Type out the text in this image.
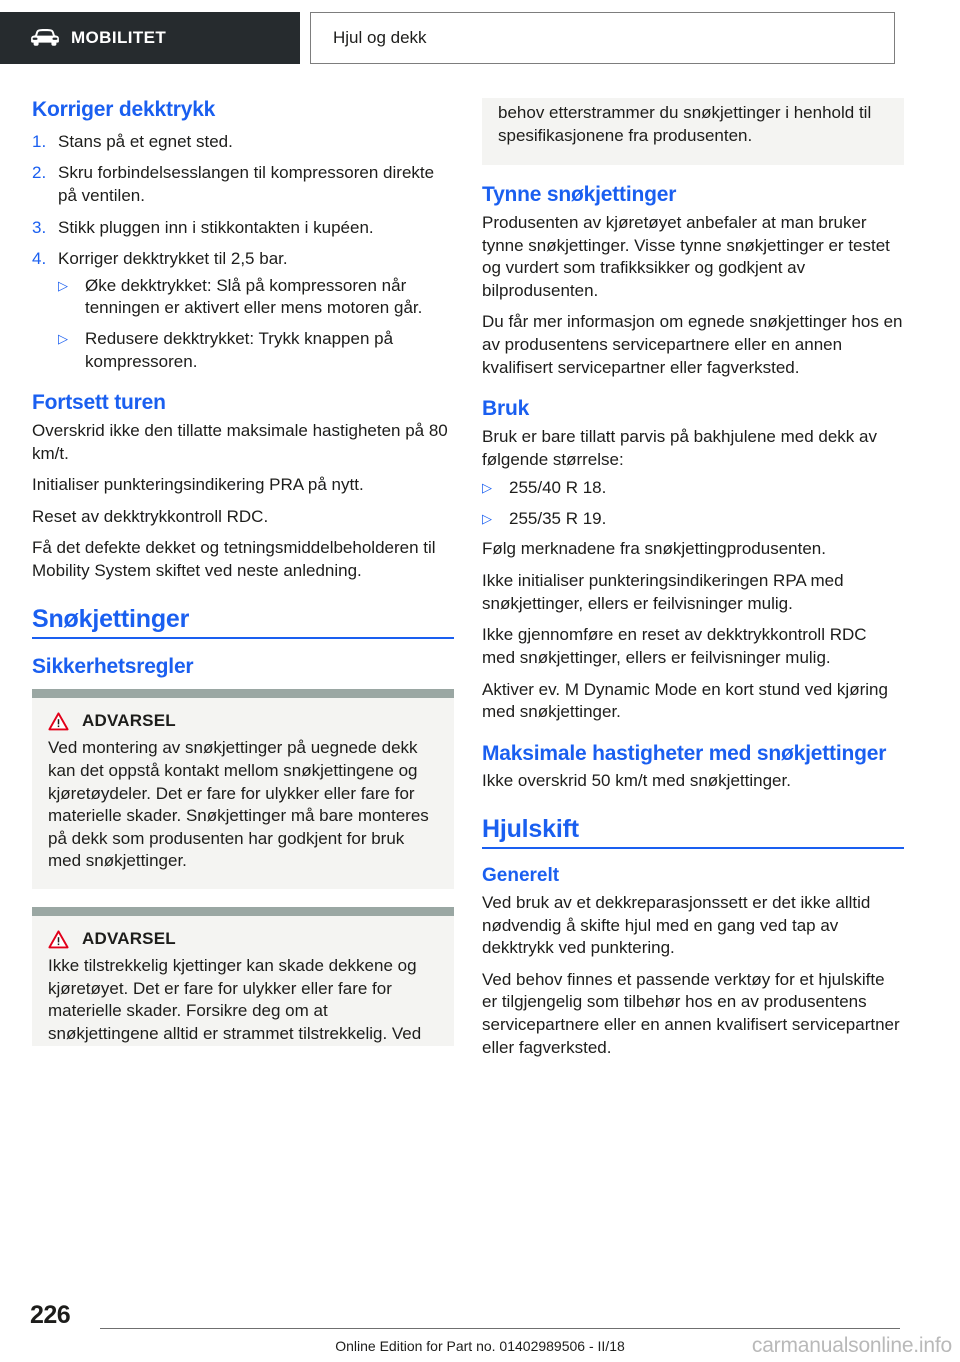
MOBILITET	Hjul og dekk
Korriger dekktrykk
1. Stans på et egnet sted.
2. Skru forbindelsesslangen til kompressoren direkte på ventilen.
3. Stikk pluggen inn i stikkontakten i kupéen.
4. Korriger dekktrykket til 2,5 bar.
▷	Øke dekktrykket: Slå på kompressoren når tenningen er aktivert eller mens motoren går.
▷	Redusere dekktrykket: Trykk knappen på kompressoren.
Fortsett turen

Overskrid ikke den tillatte maksimale hastigheten på 80 km/t.

Initialiser punkteringsindikering PRA på nytt.

Reset av dekktrykkontroll RDC.

Få det defekte dekket og tetningsmiddelbeholderen til Mobility System skiftet ved neste anledning.

Snøkjettinger
Sikkerhetsregler
ADVARSEL
Ved montering av snøkjettinger på uegnede dekk kan det oppstå kontakt mellom snøkjettingene og kjøretøydeler. Det er fare for ulykker eller fare for materielle skader. Snøkjettinger må bare monteres på dekk som produsenten har godkjent for bruk med snøkjettinger.
ADVARSEL
Ikke tilstrekkelig kjettinger kan skade dekkene og kjøretøyet. Det er fare for ulykker eller fare for materielle skader. Forsikre deg om at snøkjettingene alltid er strammet tilstrekkelig. Ved
behov etterstrammer du snøkjettinger i henhold til spesifikasjonene fra produsenten.
Tynne snøkjettinger

Produsenten av kjøretøyet anbefaler at man bruker tynne snøkjettinger. Visse tynne snøkjettinger er testet og vurdert som trafikksikker og godkjent av bilprodusenten.

Du får mer informasjon om egnede snøkjettinger hos en av produsentens servicepartnere eller en annen kvalifisert servicepartner eller fagverksted.

Bruk

Bruk er bare tillatt parvis på bakhjulene med dekk av følgende størrelse:

▷	255/40 R 18.
▷	255/35 R 19.

Følg merknadene fra snøkjettingprodusenten.

Ikke initialiser punkteringsindikeringen RPA med snøkjettinger, ellers er feilvisninger mulig.

Ikke gjennomføre en reset av dekktrykkontroll RDC med snøkjettinger, ellers er feilvisninger mulig.

Aktiver ev. M Dynamic Mode en kort stund ved kjøring med snøkjettinger.

Maksimale hastigheter med snøkjettinger

Ikke overskrid 50 km/t med snøkjettinger.

Hjulskift
Generelt

Ved bruk av et dekkreparasjonssett er det ikke alltid nødvendig å skifte hjul med en gang ved tap av dekktrykk ved punktering.

Ved behov finnes et passende verktøy for et hjulskifte er tilgjengelig som tilbehør hos en av produsentens servicepartnere eller en annen kvalifisert servicepartner eller fagverksted.

226
Online Edition for Part no. 01402989506 - II/18	carmanualsonline.info
